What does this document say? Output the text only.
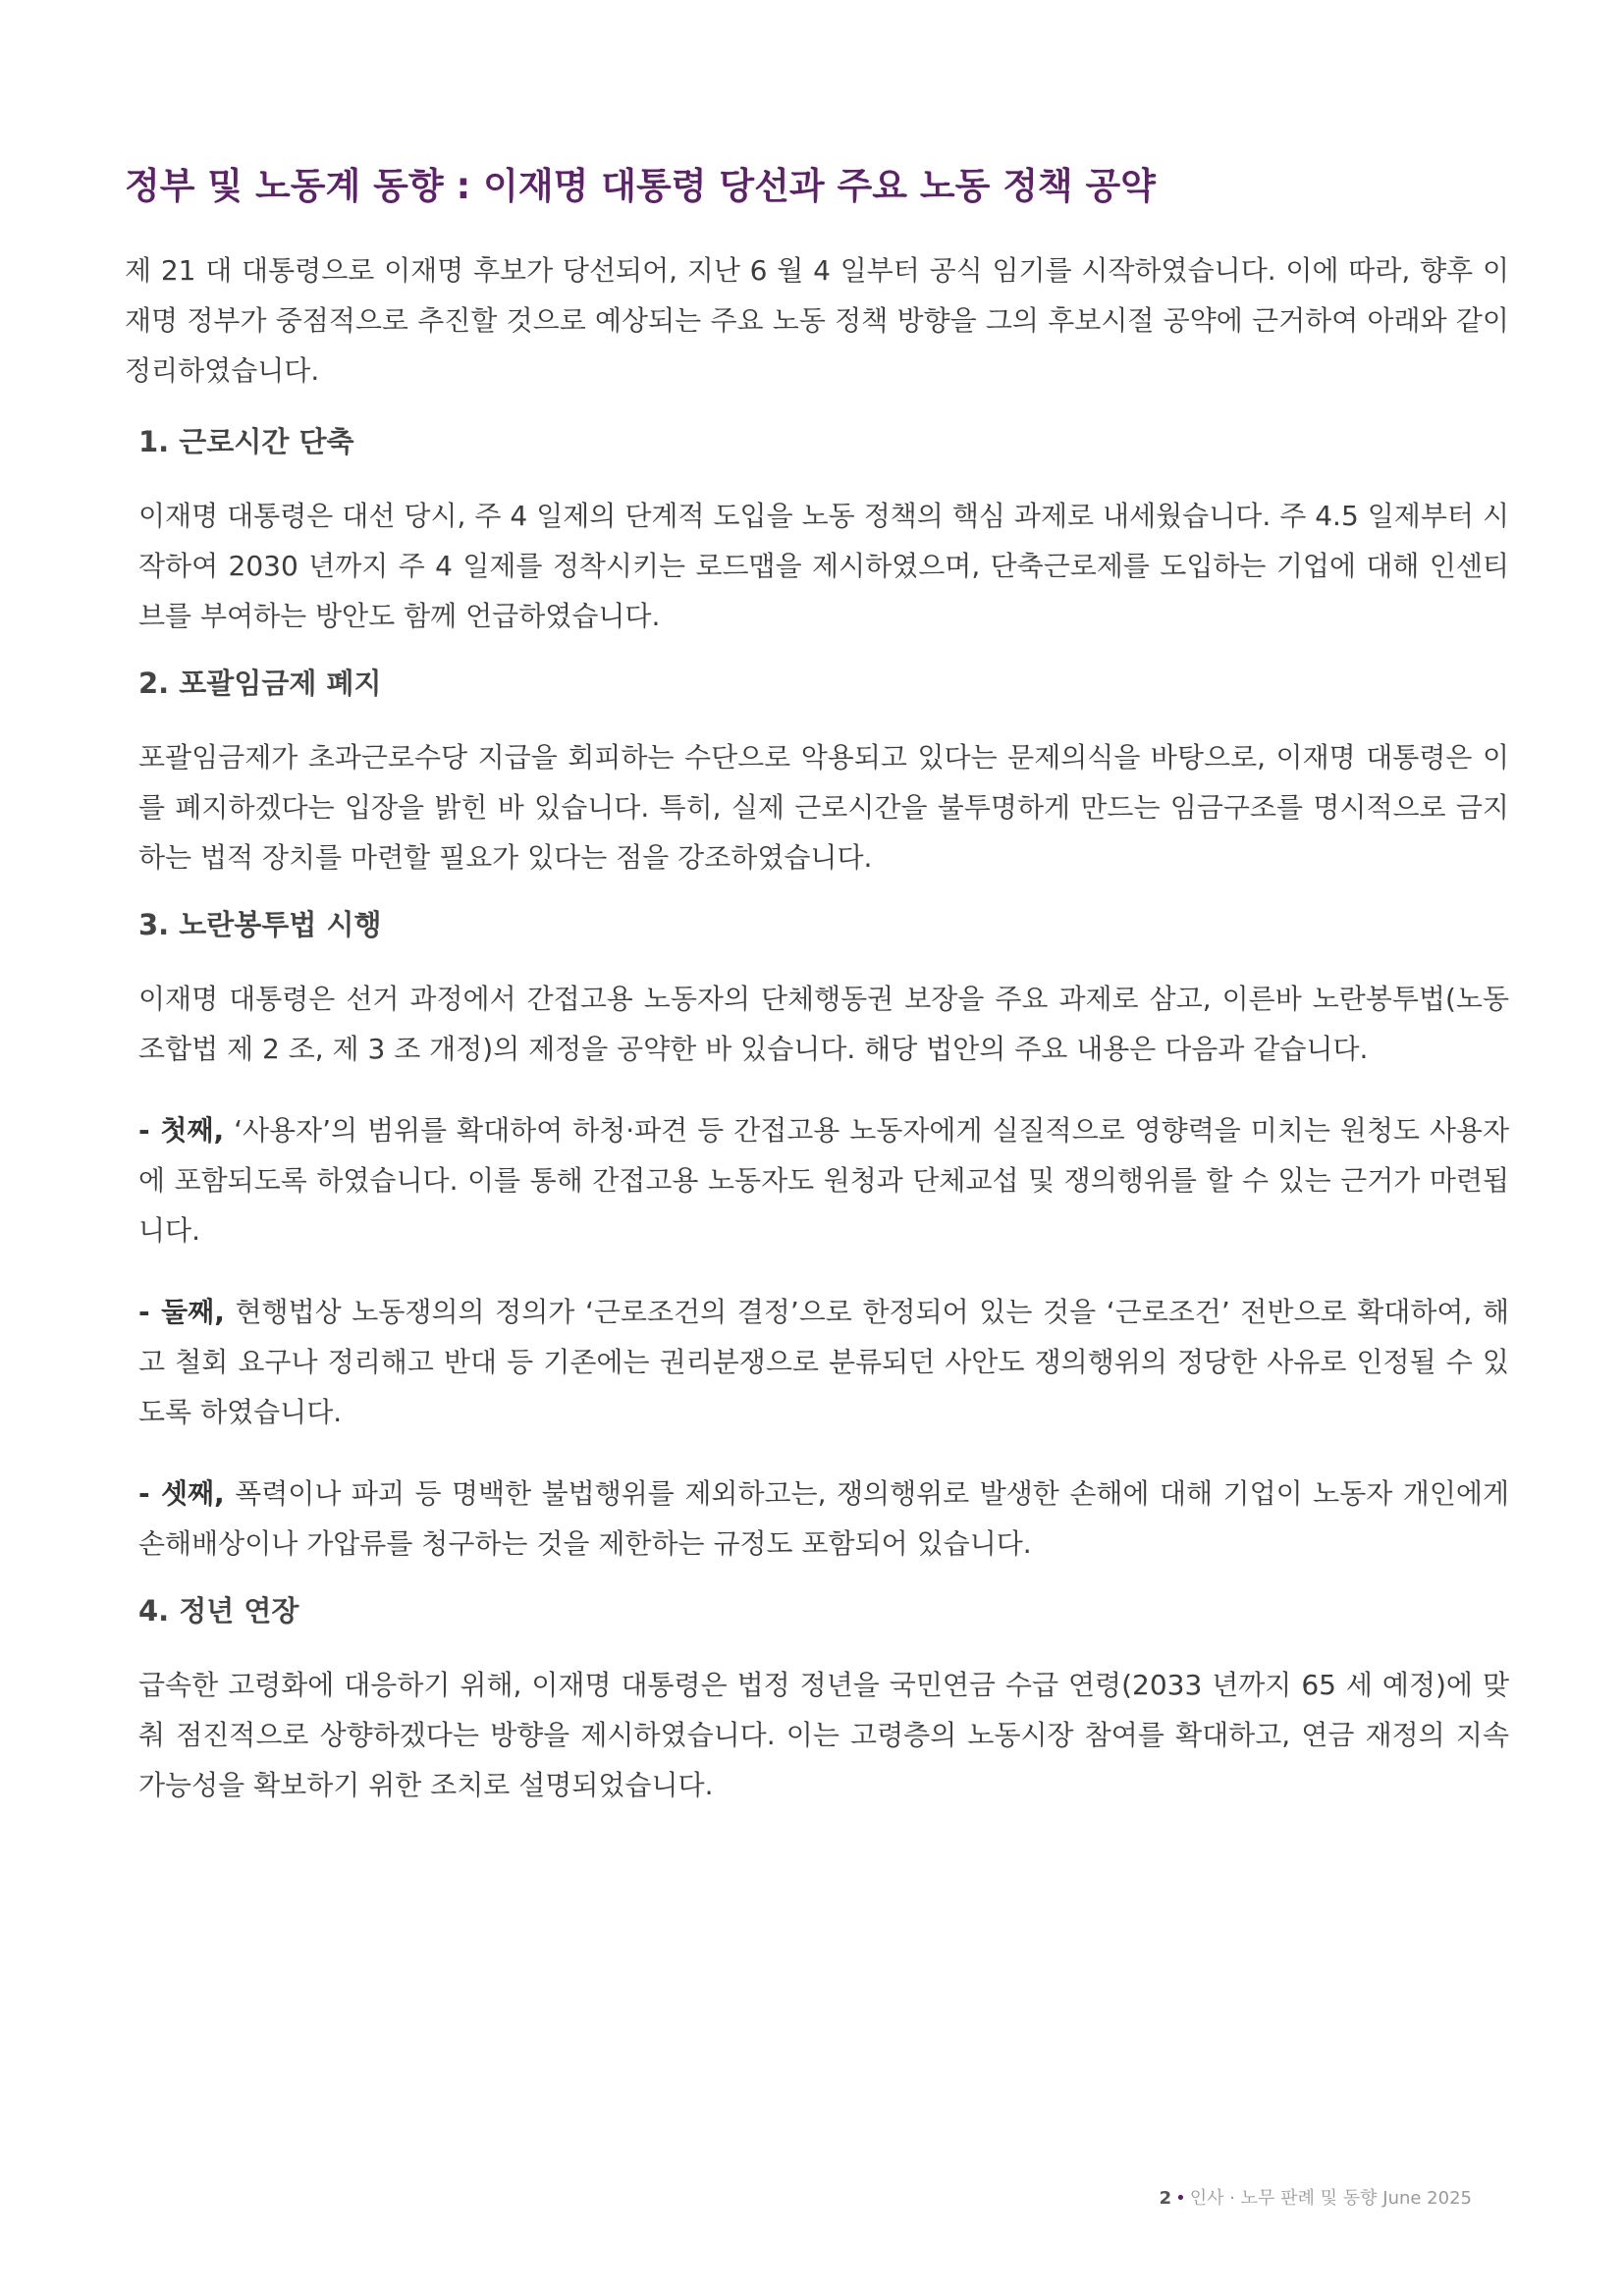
정부 및 노동계 동향 : 이재명 대통령 당선과 주요 노동 정책 공약

제 21 대 대통령으로 이재명 후보가 당선되어, 지난 6 월 4 일부터 공식 임기를 시작하였습니다. 이에 따라, 향후 이재명 정부가 중점적으로 추진할 것으로 예상되는 주요 노동 정책 방향을 그의 후보시절 공약에 근거하여 아래와 같이 정리하였습니다.

1. 근로시간 단축

이재명 대통령은 대선 당시, 주 4 일제의 단계적 도입을 노동 정책의 핵심 과제로 내세웠습니다. 주 4.5 일제부터 시작하여 2030 년까지 주 4 일제를 정착시키는 로드맵을 제시하였으며, 단축근로제를 도입하는 기업에 대해 인센티브를 부여하는 방안도 함께 언급하였습니다.

2. 포괄임금제 폐지

포괄임금제가 초과근로수당 지급을 회피하는 수단으로 악용되고 있다는 문제의식을 바탕으로, 이재명 대통령은 이를 폐지하겠다는 입장을 밝힌 바 있습니다. 특히, 실제 근로시간을 불투명하게 만드는 임금구조를 명시적으로 금지하는 법적 장치를 마련할 필요가 있다는 점을 강조하였습니다.

3. 노란봉투법 시행

이재명 대통령은 선거 과정에서 간접고용 노동자의 단체행동권 보장을 주요 과제로 삼고, 이른바 노란봉투법(노동조합법 제 2 조, 제 3 조 개정)의 제정을 공약한 바 있습니다. 해당 법안의 주요 내용은 다음과 같습니다.

- 첫째, ‘사용자’의 범위를 확대하여 하청·파견 등 간접고용 노동자에게 실질적으로 영향력을 미치는 원청도 사용자에 포함되도록 하였습니다. 이를 통해 간접고용 노동자도 원청과 단체교섭 및 쟁의행위를 할 수 있는 근거가 마련됩니다.

- 둘째, 현행법상 노동쟁의의 정의가 ‘근로조건의 결정’으로 한정되어 있는 것을 ‘근로조건’ 전반으로 확대하여, 해고 철회 요구나 정리해고 반대 등 기존에는 권리분쟁으로 분류되던 사안도 쟁의행위의 정당한 사유로 인정될 수 있도록 하였습니다.

- 셋째, 폭력이나 파괴 등 명백한 불법행위를 제외하고는, 쟁의행위로 발생한 손해에 대해 기업이 노동자 개인에게 손해배상이나 가압류를 청구하는 것을 제한하는 규정도 포함되어 있습니다.

4. 정년 연장

급속한 고령화에 대응하기 위해, 이재명 대통령은 법정 정년을 국민연금 수급 연령(2033 년까지 65 세 예정)에 맞춰 점진적으로 상향하겠다는 방향을 제시하였습니다. 이는 고령층의 노동시장 참여를 확대하고, 연금 재정의 지속 가능성을 확보하기 위한 조치로 설명되었습니다.

2 • 인사 · 노무 판례 및 동향 June 2025
